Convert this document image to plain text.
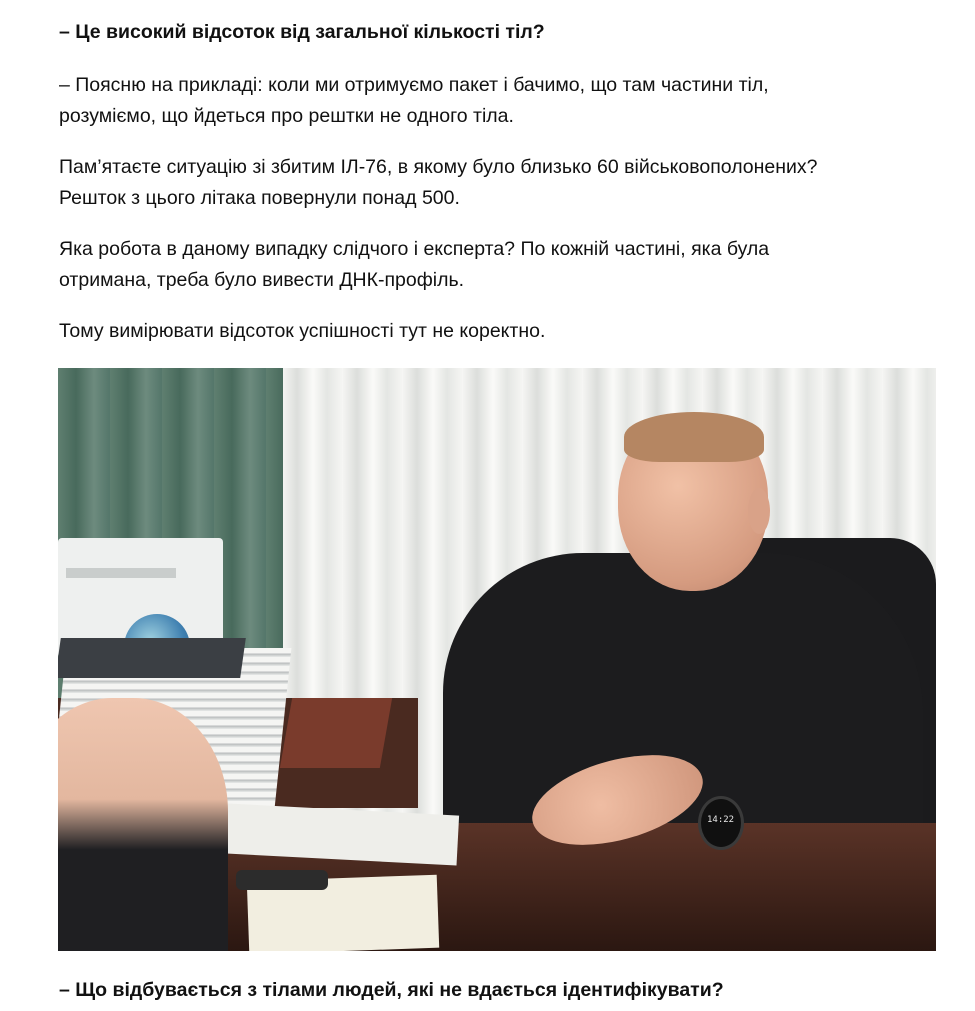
– Це високий відсоток від загальної кількості тіл?

– Поясню на прикладі: коли ми отримуємо пакет і бачимо, що там частини тіл,

розуміємо, що йдеться про рештки не одного тіла.

Пам’ятаєте ситуацію зі збитим ІЛ-76, в якому було близько 60 військовополонених?

Решток з цього літака повернули понад 500.

Яка робота в даному випадку слідчого і експерта? По кожній частині, яка була

отримана, треба було вивести ДНК-профіль.

Тому вимірювати відсоток успішності тут не коректно.

14:22

– Що відбувається з тілами людей, які не вдається ідентифікувати?
